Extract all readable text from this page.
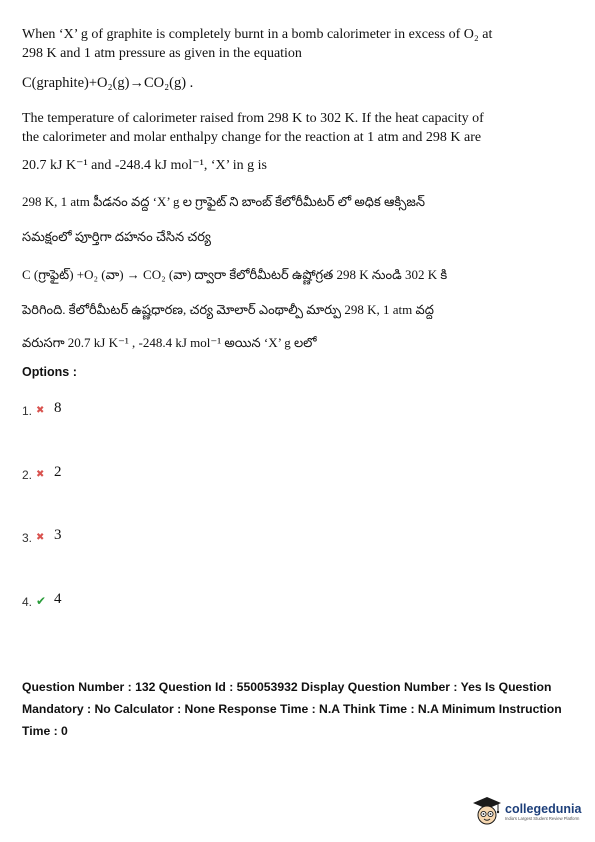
When ‘X’ g of graphite is completely burnt in a bomb calorimeter in excess of O₂ at
298 K and 1 atm pressure as given in the equation
C(graphite)+O₂(g)→CO₂(g) .
The temperature of calorimeter raised from 298 K to 302 K. If the heat capacity of
the calorimeter and molar enthalpy change for the reaction at 1 atm and 298 K are
20.7 kJ K⁻¹ and -248.4 kJ mol⁻¹, ‘X’ in g is
298 K, 1 atm పీడనం వద్ద ‘X’ g ల గ్రాఫైట్ ని బాంబ్ కేలోరీమీటర్ లో అధిక ఆక్సిజన్
సమక్షంలో పూర్తిగా దహనం చేసిన చర్య
C (గ్రాఫైట్) +O₂ (వా) → CO₂ (వా) ద్వారా కేలోరీమీటర్ ఉష్ణోగ్రత 298 K నుండి 302 K కి
పెరిగింది. కేలోరీమీటర్ ఉష్ణధారణ, చర్య మోలార్ ఎంథాల్పీ మార్పు 298 K, 1 atm వద్ద
వరుసగా 20.7 kJ K⁻¹ , -248.4 kJ mol⁻¹ అయిన ‘X’ g లలో
Options :
1. ✖ 8
2. ✖ 2
3. ✖ 3
4. ✔ 4
Question Number : 132 Question Id : 550053932 Display Question Number : Yes Is Question Mandatory : No Calculator : None Response Time : N.A Think Time : N.A Minimum Instruction Time : 0
collegedunia
India's Largest Student Review Platform
